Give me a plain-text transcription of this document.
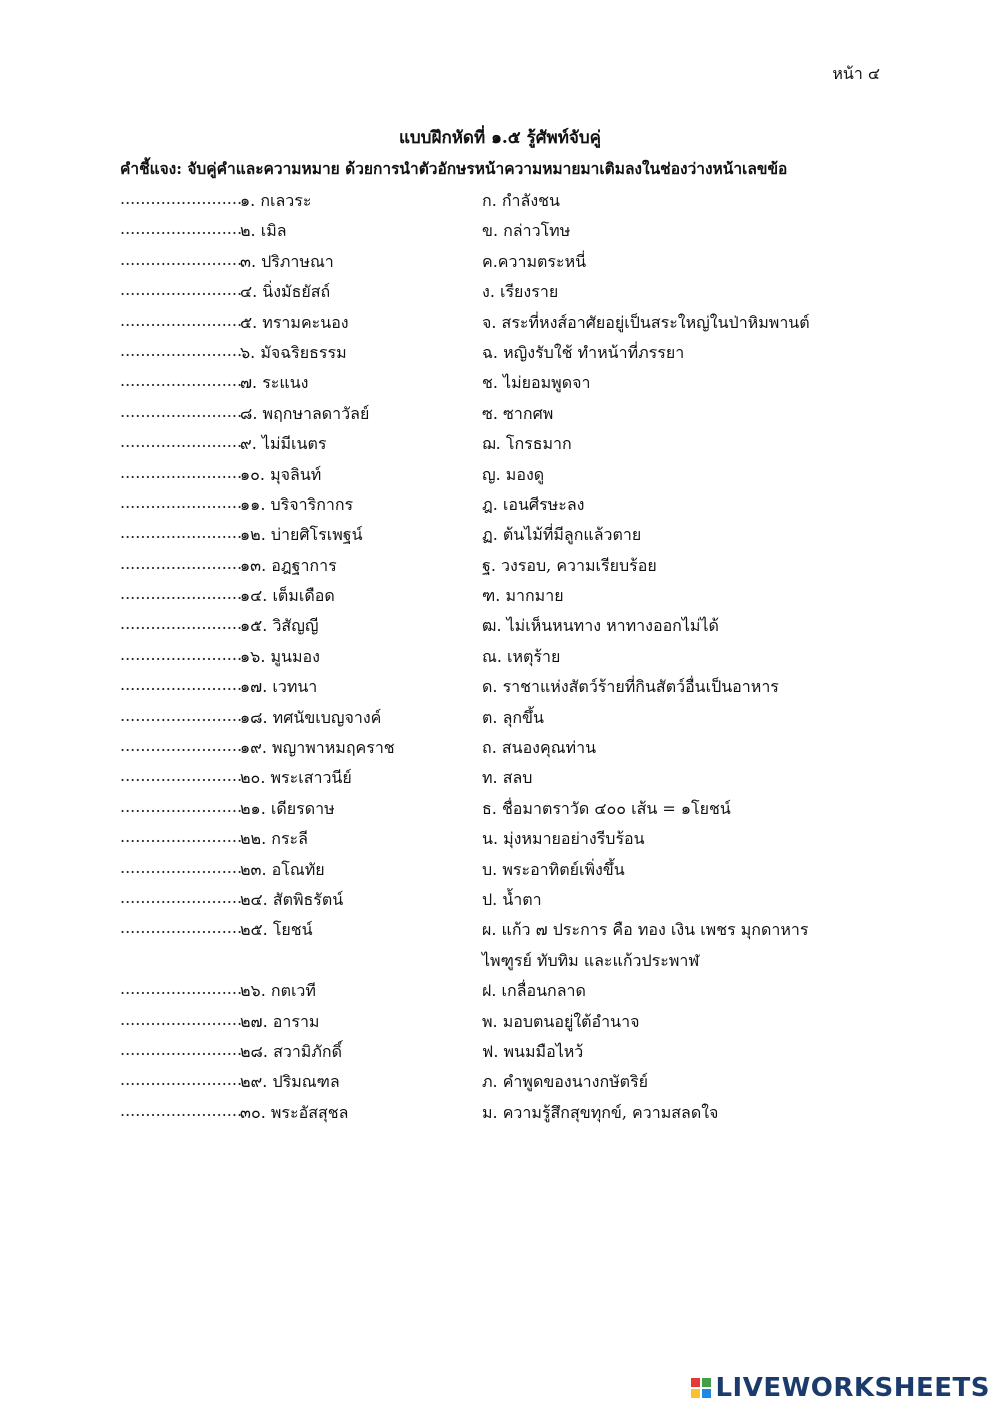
หน้า ๔
แบบฝึกหัดที่ ๑.๕ รู้ศัพท์จับคู่
คำชี้แจง: จับคู่คำและความหมาย ด้วยการนำตัวอักษรหน้าความหมายมาเติมลงในช่องว่างหน้าเลขข้อ
........................
๑. กเลวระ	ก. กำลังชน
........................
๒. เมิล	ข. กล่าวโทษ
........................
๓. ปริภาษณา	ค.ความตระหนี่
........................
๔. นิ่งมัธยัสถ์	ง. เรียงราย
........................
๕. ทรามคะนอง	จ. สระที่หงส์อาศัยอยู่เป็นสระใหญ่ในป่าหิมพานต์
........................
๖. มัจฉริยธรรม	ฉ. หญิงรับใช้ ทำหน้าที่ภรรยา
........................
๗. ระแนง	ช. ไม่ยอมพูดจา
........................
๘. พฤกษาลดาวัลย์	ซ. ซากศพ
........................
๙. ไม่มีเนตร	ฌ. โกรธมาก
........................
๑๐. มุจลินท์	ญ. มองดู
........................
๑๑. บริจาริกากร	ฎ. เอนศีรษะลง
........................
๑๒. บ่ายศิโรเพฐน์	ฏ. ต้นไม้ที่มีลูกแล้วตาย
........................
๑๓. อฎฐาการ	ฐ. วงรอบ, ความเรียบร้อย
........................
๑๔. เต็มเดือด	ฑ. มากมาย
........................
๑๕. วิสัญญี	ฒ. ไม่เห็นหนทาง หาทางออกไม่ได้
........................
๑๖. มูนมอง	ณ. เหตุร้าย
........................
๑๗. เวทนา	ด. ราชาแห่งสัตว์ร้ายที่กินสัตว์อื่นเป็นอาหาร
........................
๑๘. ทศนัขเบญจางค์	ต. ลุกขึ้น
........................
๑๙. พญาพาหมฤคราช	ถ. สนองคุณท่าน
........................
๒๐. พระเสาวนีย์	ท. สลบ
........................
๒๑. เดียรดาษ	ธ. ชื่อมาตราวัด ๔๐๐ เส้น = ๑โยชน์
........................
๒๒. กระลี	น. มุ่งหมายอย่างรีบร้อน
........................
๒๓. อโณทัย	บ. พระอาทิตย์เพิ่งขึ้น
........................
๒๔. สัตพิธรัตน์	ป. น้ำตา
........................
๒๕. โยชน์	ผ. แก้ว ๗ ประการ คือ ทอง เงิน เพชร มุกดาหาร
ไพฑูรย์ ทับทิม และแก้วประพาฬ
........................
๒๖. กตเวที	ฝ. เกลื่อนกลาด
........................
๒๗. อาราม	พ. มอบตนอยู่ใต้อำนาจ
........................
๒๘. สวามิภักดิ์	ฟ. พนมมือไหว้
........................
๒๙. ปริมณฑล	ภ. คำพูดของนางกษัตริย์
........................
๓๐. พระอัสสุชล	ม. ความรู้สึกสุขทุกข์, ความสลดใจ
LIVEWORKSHEETS
